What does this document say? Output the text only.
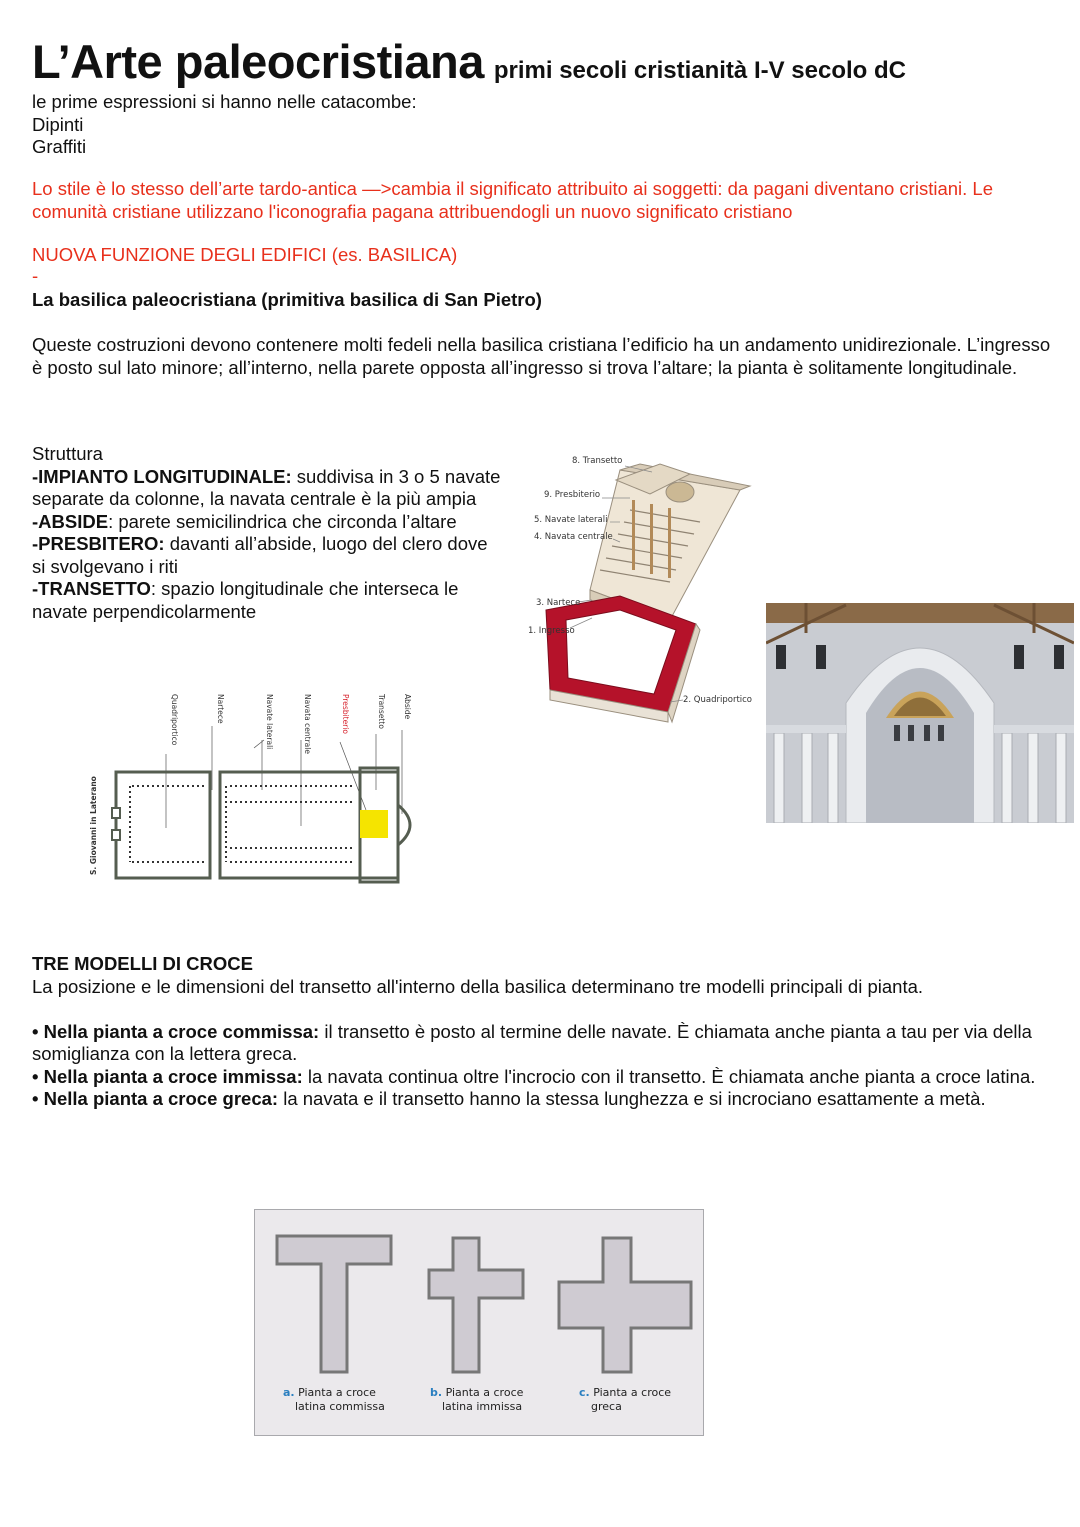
L’Arte paleocristiana primi secoli cristianità I-V secolo dC

le prime espressioni si hanno nelle catacombe:

Dipinti

Graffiti

Lo stile è lo stesso dell’arte tardo-antica —>cambia il significato attribuito ai soggetti: da pagani diventano cristiani. Le comunità cristiane utilizzano l'iconografia pagana attribuendogli un nuovo significato cristiano

NUOVA FUNZIONE DEGLI EDIFICI (es. BASILICA)

-

La basilica paleocristiana (primitiva basilica di San Pietro)
Queste costruzioni devono contenere molti fedeli nella basilica cristiana l’edificio ha un andamento unidirezionale. L’ingresso è posto sul lato minore; all’interno, nella parete opposta all’ingresso si trova l’altare; la pianta è solitamente longitudinale.

Struttura

-IMPIANTO LONGITUDINALE: suddivisa in 3 o 5 navate separate da colonne, la navata centrale è la più ampia

-ABSIDE: parete semicilindrica che circonda l’altare

-PRESBITERO: davanti all’abside, luogo del clero dove si svolgevano i riti

-TRANSETTO: spazio longitudinale che interseca le navate perpendicolarmente

8. Transetto
9. Presbiterio
5. Navate laterali
4. Navata centrale
3. Nartece
1. Ingresso
2. Quadriportico
S. Giovanni in Laterano
Quadriportico	Nartece	Navate laterali	Navata centrale	Presbiterio	Transetto Abside

TRE MODELLI DI CROCE

La posizione e le dimensioni del transetto all'interno della basilica determinano tre modelli principali di pianta.

• Nella pianta a croce commissa: il transetto è posto al termine delle navate. È chiamata anche pianta a tau per via della somiglianza con la lettera greca.

• Nella pianta a croce immissa: la navata continua oltre l'incrocio con il transetto. È chiamata anche pianta a croce latina.

• Nella pianta a croce greca: la navata e il transetto hanno la stessa lunghezza e si incrociano esattamente a metà.

a. Pianta a croce
latina commissa
b. Pianta a croce
latina immissa
c. Pianta a croce
greca
